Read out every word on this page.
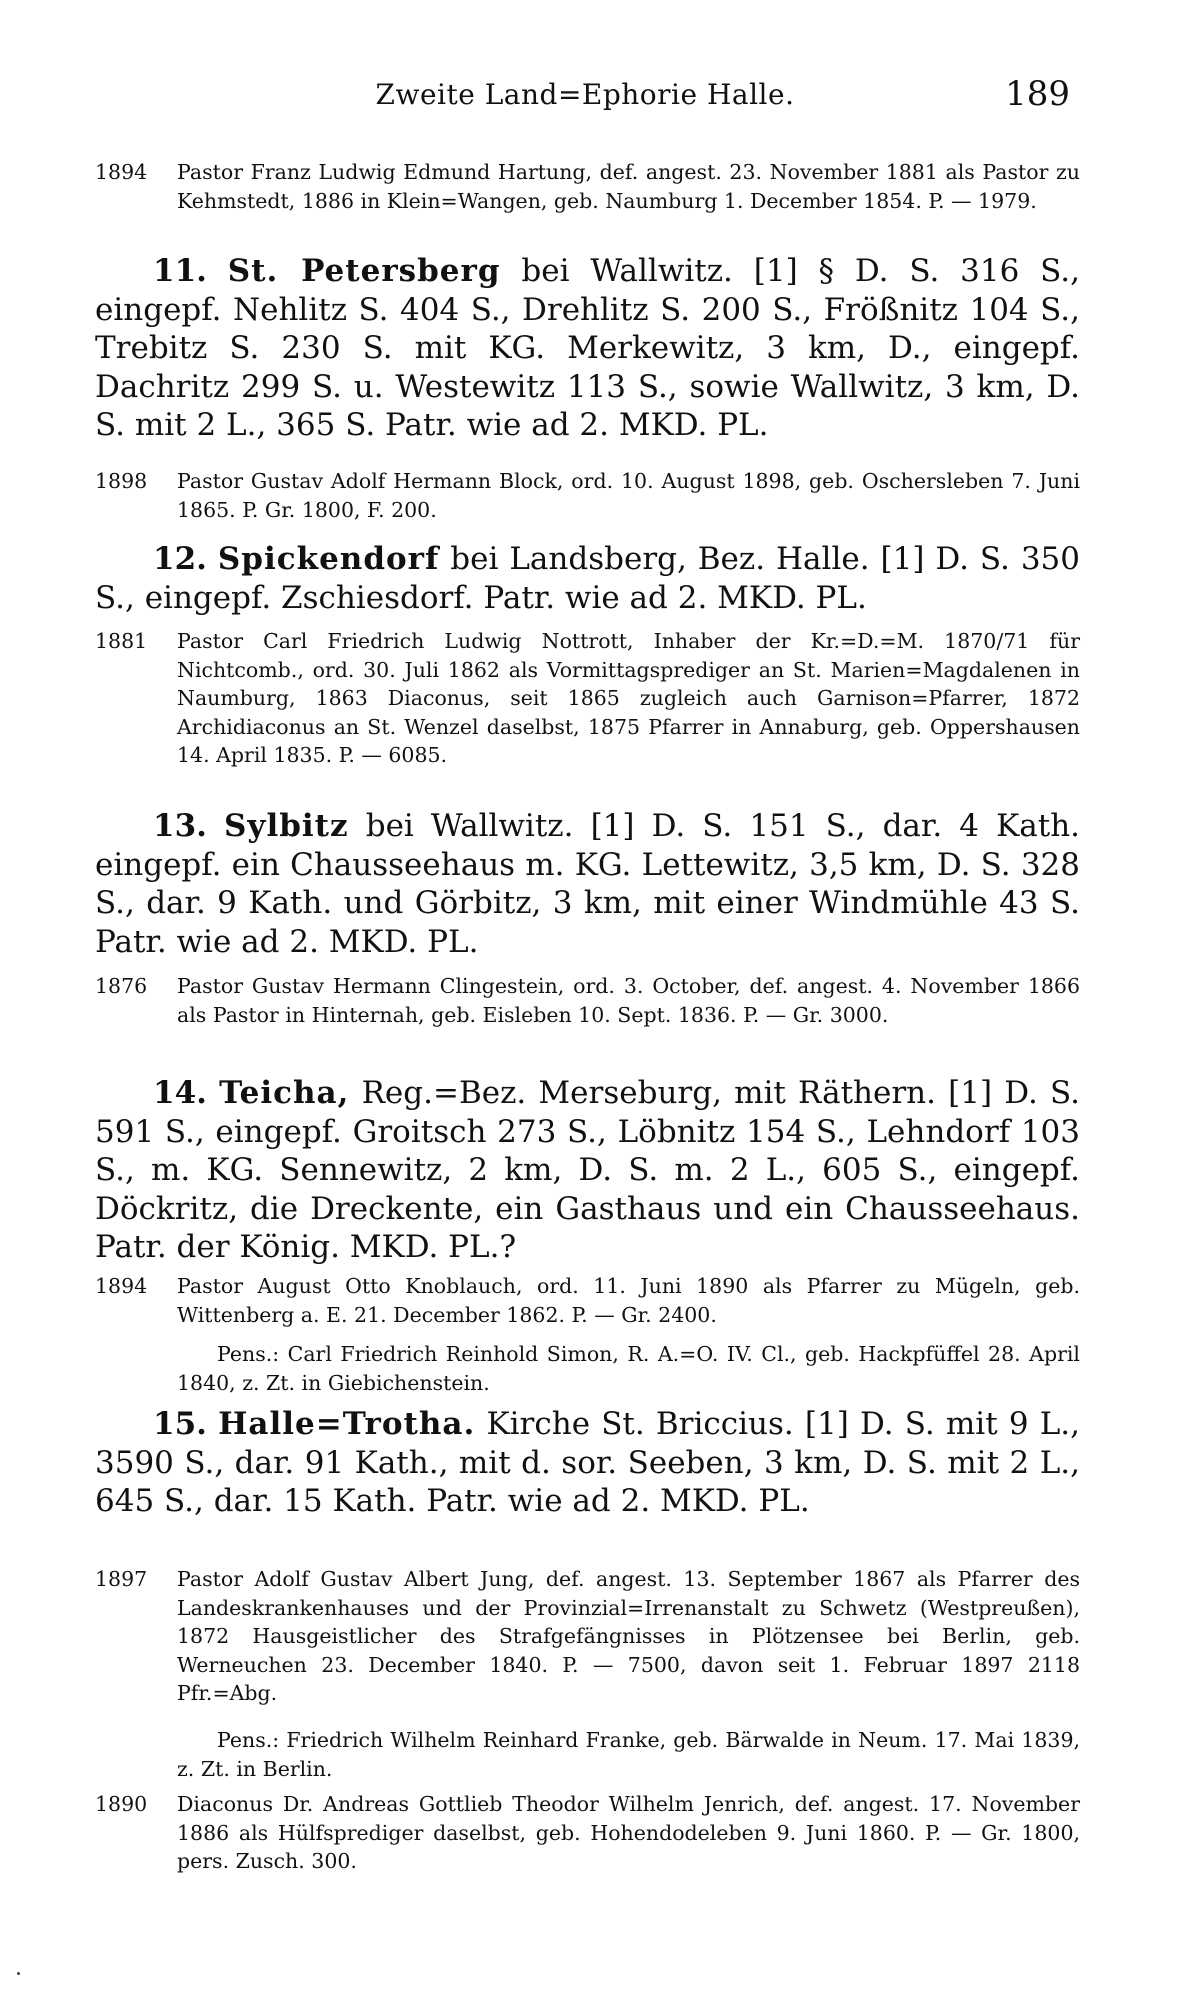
Zweite Land=Ephorie Halle.	189
1894	Pastor Franz Ludwig Edmund Hartung, def. angest. 23. November 1881 als Pastor zu Kehmstedt, 1886 in Klein=Wangen, geb. Naumburg 1. December 1854. P. — 1979.
11. St. Petersberg bei Wallwitz. [1] § D. S. 316 S., eingepf. Nehlitz S. 404 S., Drehlitz S. 200 S., Frößnitz 104 S., Trebitz S. 230 S. mit KG. Merkewitz, 3 km, D., eingepf. Dachritz 299 S. u. Westewitz 113 S., sowie Wallwitz, 3 km, D. S. mit 2 L., 365 S. Patr. wie ad 2. MKD. PL.
1898	Pastor Gustav Adolf Hermann Block, ord. 10. August 1898, geb. Oschersleben 7. Juni 1865. P. Gr. 1800, F. 200.
12. Spickendorf bei Landsberg, Bez. Halle. [1] D. S. 350 S., eingepf. Zschiesdorf. Patr. wie ad 2. MKD. PL.
1881	Pastor Carl Friedrich Ludwig Nottrott, Inhaber der Kr.=D.=M. 1870/71 für Nichtcomb., ord. 30. Juli 1862 als Vormittagsprediger an St. Marien=Magdalenen in Naumburg, 1863 Diaconus, seit 1865 zugleich auch Garnison=Pfarrer, 1872 Archidiaconus an St. Wenzel daselbst, 1875 Pfarrer in Annaburg, geb. Oppershausen 14. April 1835. P. — 6085.
13. Sylbitz bei Wallwitz. [1] D. S. 151 S., dar. 4 Kath. eingepf. ein Chausseehaus m. KG. Lettewitz, 3,5 km, D. S. 328 S., dar. 9 Kath. und Görbitz, 3 km, mit einer Windmühle 43 S. Patr. wie ad 2. MKD. PL.
1876	Pastor Gustav Hermann Clingestein, ord. 3. October, def. angest. 4. November 1866 als Pastor in Hinternah, geb. Eisleben 10. Sept. 1836. P. — Gr. 3000.
14. Teicha, Reg.=Bez. Merseburg, mit Räthern. [1] D. S. 591 S., eingepf. Groitsch 273 S., Löbnitz 154 S., Lehndorf 103 S., m. KG. Sennewitz, 2 km, D. S. m. 2 L., 605 S., eingepf. Döckritz, die Dreckente, ein Gasthaus und ein Chausseehaus. Patr. der König. MKD. PL.?
1894	Pastor August Otto Knoblauch, ord. 11. Juni 1890 als Pfarrer zu Mügeln, geb. Wittenberg a. E. 21. December 1862. P. — Gr. 2400.
Pens.: Carl Friedrich Reinhold Simon, R. A.=O. IV. Cl., geb. Hackpfüffel 28. April 1840, z. Zt. in Giebichenstein.
15. Halle=Trotha. Kirche St. Briccius. [1] D. S. mit 9 L., 3590 S., dar. 91 Kath., mit d. sor. Seeben, 3 km, D. S. mit 2 L., 645 S., dar. 15 Kath. Patr. wie ad 2. MKD. PL.
1897	Pastor Adolf Gustav Albert Jung, def. angest. 13. September 1867 als Pfarrer des Landeskrankenhauses und der Provinzial=Irrenanstalt zu Schwetz (Westpreußen), 1872 Hausgeistlicher des Strafgefängnisses in Plötzensee bei Berlin, geb. Werneuchen 23. December 1840. P. — 7500, davon seit 1. Februar 1897 2118 Pfr.=Abg.
Pens.: Friedrich Wilhelm Reinhard Franke, geb. Bärwalde in Neum. 17. Mai 1839, z. Zt. in Berlin.
1890	Diaconus Dr. Andreas Gottlieb Theodor Wilhelm Jenrich, def. angest. 17. November 1886 als Hülfsprediger daselbst, geb. Hohendodeleben 9. Juni 1860. P. — Gr. 1800, pers. Zusch. 300.
